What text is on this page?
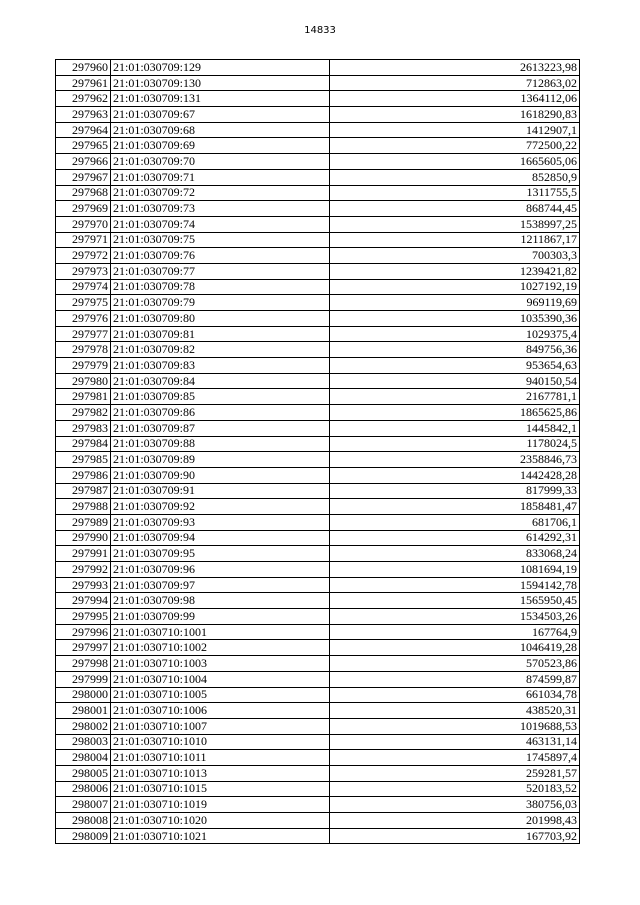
14833
297960	21:01:030709:129	2613223,98
297961	21:01:030709:130	712863,02
297962	21:01:030709:131	1364112,06
297963	21:01:030709:67	1618290,83
297964	21:01:030709:68	1412907,1
297965	21:01:030709:69	772500,22
297966	21:01:030709:70	1665605,06
297967	21:01:030709:71	852850,9
297968	21:01:030709:72	1311755,5
297969	21:01:030709:73	868744,45
297970	21:01:030709:74	1538997,25
297971	21:01:030709:75	1211867,17
297972	21:01:030709:76	700303,3
297973	21:01:030709:77	1239421,82
297974	21:01:030709:78	1027192,19
297975	21:01:030709:79	969119,69
297976	21:01:030709:80	1035390,36
297977	21:01:030709:81	1029375,4
297978	21:01:030709:82	849756,36
297979	21:01:030709:83	953654,63
297980	21:01:030709:84	940150,54
297981	21:01:030709:85	2167781,1
297982	21:01:030709:86	1865625,86
297983	21:01:030709:87	1445842,1
297984	21:01:030709:88	1178024,5
297985	21:01:030709:89	2358846,73
297986	21:01:030709:90	1442428,28
297987	21:01:030709:91	817999,33
297988	21:01:030709:92	1858481,47
297989	21:01:030709:93	681706,1
297990	21:01:030709:94	614292,31
297991	21:01:030709:95	833068,24
297992	21:01:030709:96	1081694,19
297993	21:01:030709:97	1594142,78
297994	21:01:030709:98	1565950,45
297995	21:01:030709:99	1534503,26
297996	21:01:030710:1001	167764,9
297997	21:01:030710:1002	1046419,28
297998	21:01:030710:1003	570523,86
297999	21:01:030710:1004	874599,87
298000	21:01:030710:1005	661034,78
298001	21:01:030710:1006	438520,31
298002	21:01:030710:1007	1019688,53
298003	21:01:030710:1010	463131,14
298004	21:01:030710:1011	1745897,4
298005	21:01:030710:1013	259281,57
298006	21:01:030710:1015	520183,52
298007	21:01:030710:1019	380756,03
298008	21:01:030710:1020	201998,43
298009	21:01:030710:1021	167703,92
